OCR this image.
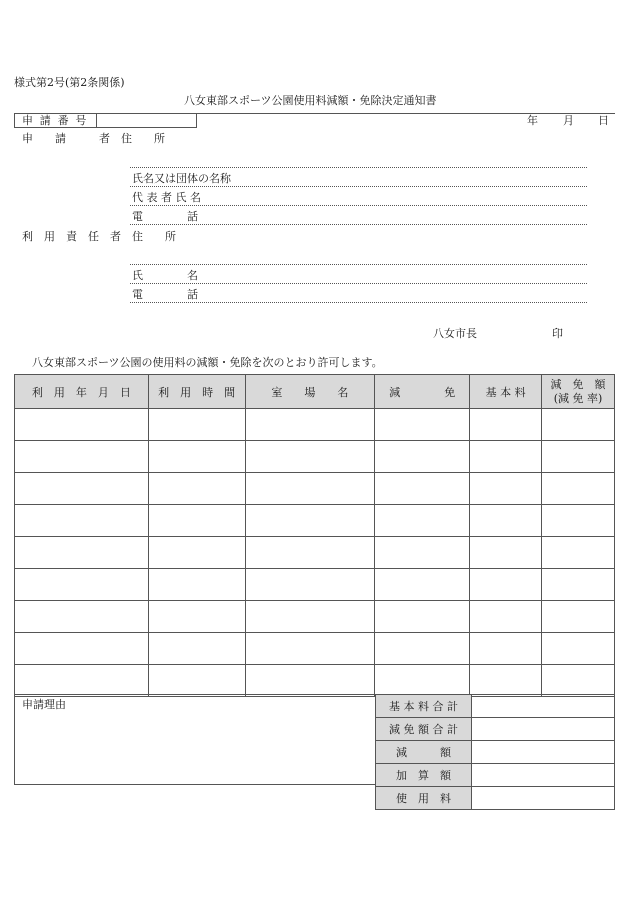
様式第2号(第2条関係)
八女東部スポーツ公園使用料減額・免除決定通知書
申 請 番 号	年 月 日
申　　請　　　者　住　　所
氏名又は団体の名称
代 表 者 氏 名
電　　　　話
利　用　責　任　者　住　　所
氏　　　　名
電　　　　話
八女市長	印
八女東部スポーツ公園の使用料の減額・免除を次のとおり許可します。
利　用　年　月　日	利　用　時　間	室　　場　　名	減　　　　免	基 本 料	減　免　額
(減 免 率)

申請理由	基 本 料 合 計	
減 免 額 合 計	
減　　　額	
加　算　額	
使　用　料	
